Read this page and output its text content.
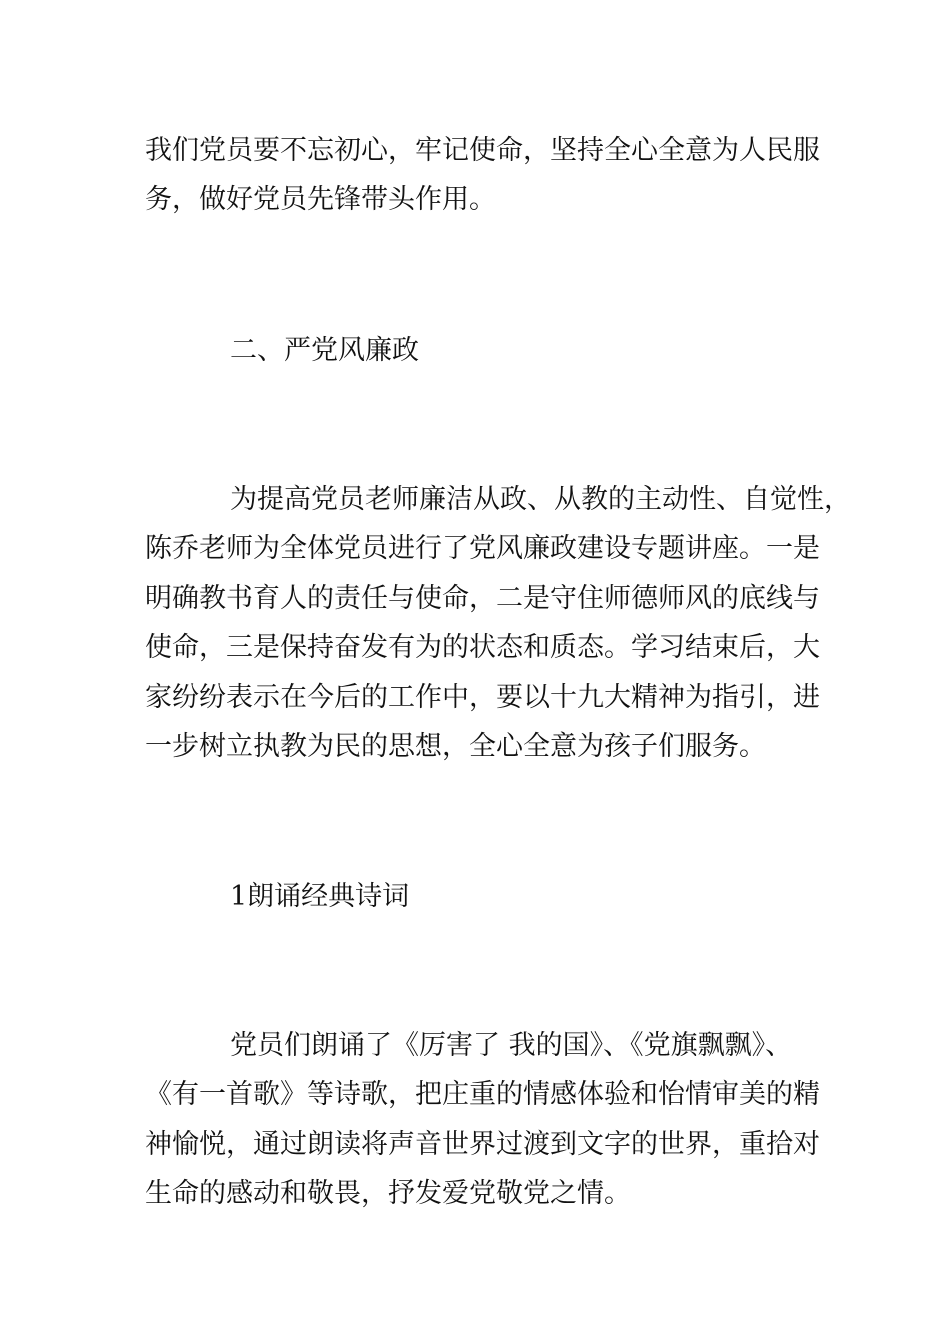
我们党员要不忘初心，牢记使命，坚持全心全意为人民服
务，做好党员先锋带头作用。
二、严党风廉政
为提高党员老师廉洁从政、从教的主动性、自觉性，
陈乔老师为全体党员进行了党风廉政建设专题讲座。一是
明确教书育人的责任与使命，二是守住师德师风的底线与
使命，三是保持奋发有为的状态和质态。学习结束后，大
家纷纷表示在今后的工作中，要以十九大精神为指引，进
一步树立执教为民的思想，全心全意为孩子们服务。
1朗诵经典诗词
党员们朗诵了《厉害了 我的国》、《党旗飘飘》、
《有一首歌》等诗歌，把庄重的情感体验和怡情审美的精
神愉悦，通过朗读将声音世界过渡到文字的世界，重拾对
生命的感动和敬畏，抒发爱党敬党之情。
